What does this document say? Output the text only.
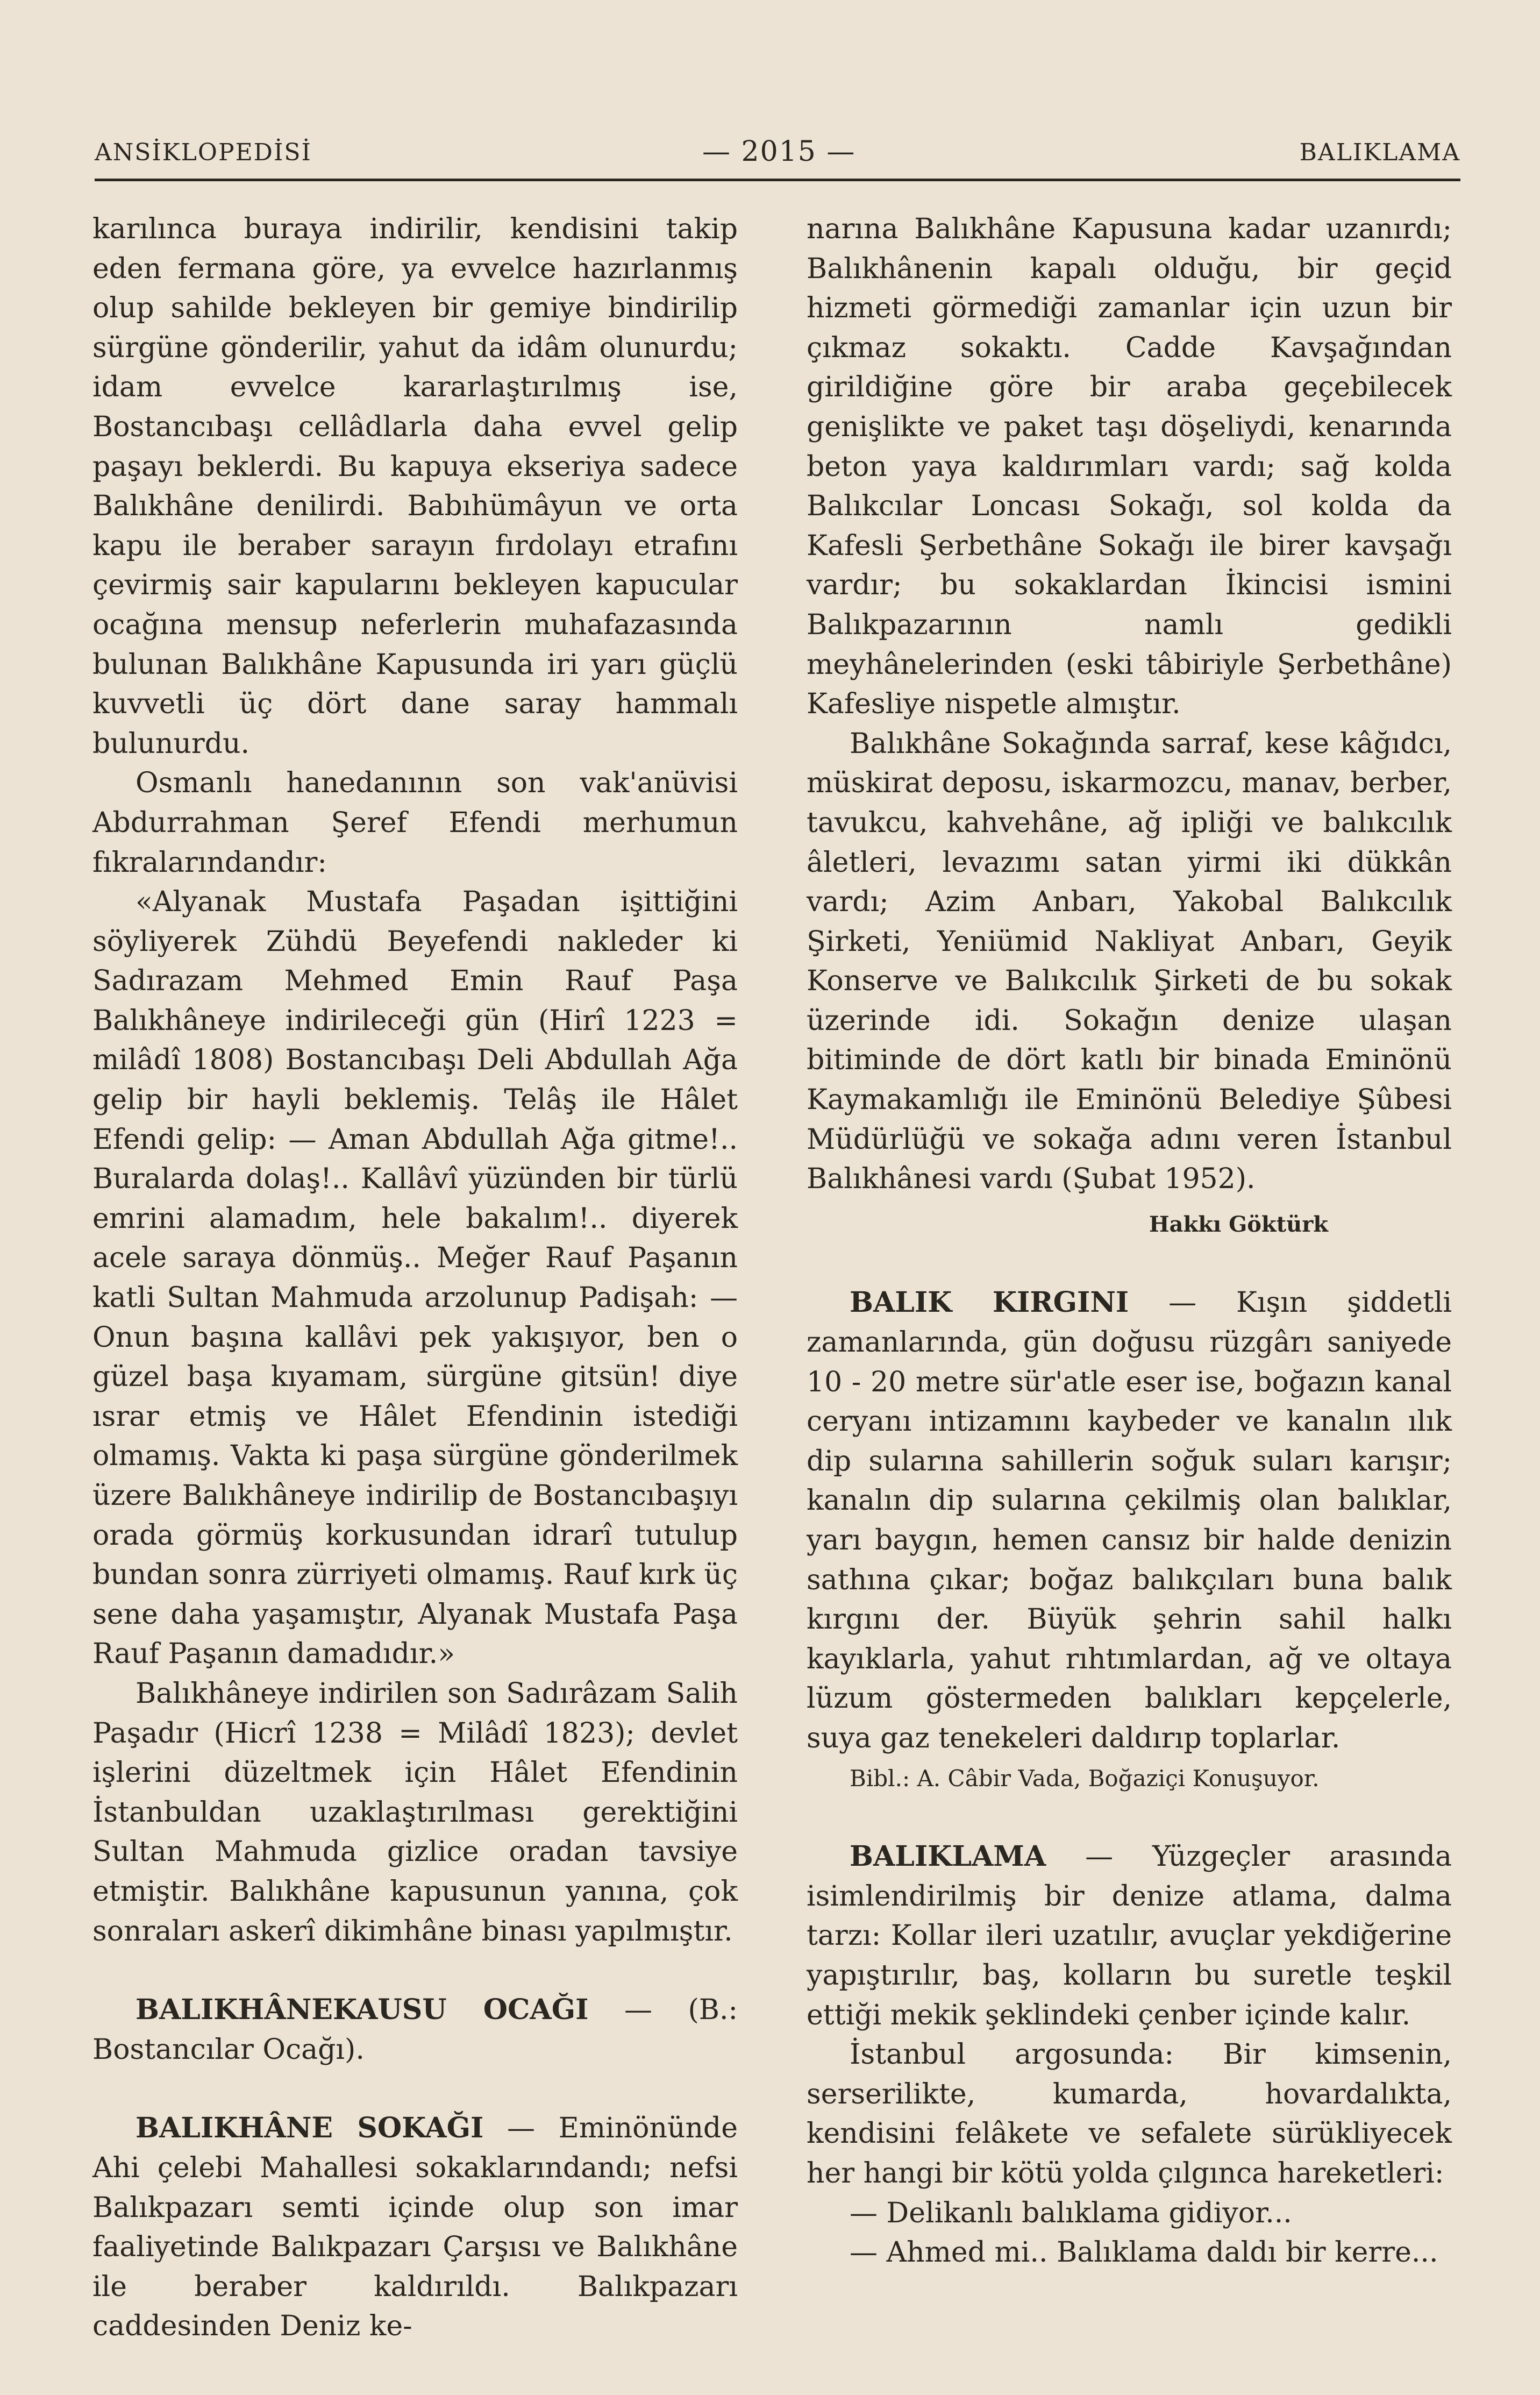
ANSİKLOPEDİSİ	— 2015 —	BALIKLAMA

karılınca buraya indirilir, kendisini takip eden fermana göre, ya evvelce hazırlanmış olup sahilde bekleyen bir gemiye bindirilip sürgüne gönderilir, yahut da idâm olunurdu; idam evvelce kararlaştırılmış ise, Bostancıbaşı cellâdlarla daha evvel gelip paşayı beklerdi. Bu kapuya ekseriya sadece Balıkhâne denilirdi. Babıhümâyun ve orta kapu ile beraber sarayın fırdolayı etrafını çevirmiş sair kapularını bekleyen kapucular ocağına mensup neferlerin muhafazasında bulunan Balıkhâne Kapusunda iri yarı güçlü kuvvetli üç dört dane saray hammalı bulunurdu.

Osmanlı hanedanının son vak'anüvisi Abdurrahman Şeref Efendi merhumun fıkralarındandır:

«Alyanak Mustafa Paşadan işittiğini söyliyerek Zühdü Beyefendi nakleder ki Sadırazam Mehmed Emin Rauf Paşa Balıkhâneye indirileceği gün (Hirî 1223 = milâdî 1808) Bostancıbaşı Deli Abdullah Ağa gelip bir hayli beklemiş. Telâş ile Hâlet Efendi gelip: — Aman Abdullah Ağa gitme!.. Buralarda dolaş!.. Kallâvî yüzünden bir türlü emrini alamadım, hele bakalım!.. diyerek acele saraya dönmüş.. Meğer Rauf Paşanın katli Sultan Mahmuda arzolunup Padişah: — Onun başına kallâvi pek yakışıyor, ben o güzel başa kıyamam, sürgüne gitsün! diye ısrar etmiş ve Hâlet Efendinin istediği olmamış. Vakta ki paşa sürgüne gönderilmek üzere Balıkhâneye indirilip de Bostancıbaşıyı orada görmüş korkusundan idrarî tutulup bundan sonra zürriyeti olmamış. Rauf kırk üç sene daha yaşamıştır, Alyanak Mustafa Paşa Rauf Paşanın damadıdır.»

Balıkhâneye indirilen son Sadırâzam Salih Paşadır (Hicrî 1238 = Milâdî 1823); devlet işlerini düzeltmek için Hâlet Efendinin İstanbuldan uzaklaştırılması gerektiğini Sultan Mahmuda gizlice oradan tavsiye etmiştir. Balıkhâne kapusunun yanına, çok sonraları askerî dikimhâne binası yapılmıştır.

BALIKHÂNEKAUSU OCAĞI — (B.: Bostancılar Ocağı).

BALIKHÂNE SOKAĞI — Eminönünde Ahi çelebi Mahallesi sokaklarındandı; nefsi Balıkpazarı semti içinde olup son imar faaliyetinde Balıkpazarı Çarşısı ve Balıkhâne ile beraber kaldırıldı. Balıkpazarı caddesinden Deniz ke-

narına Balıkhâne Kapusuna kadar uzanırdı; Balıkhânenin kapalı olduğu, bir geçid hizmeti görmediği zamanlar için uzun bir çıkmaz sokaktı. Cadde Kavşağından girildiğine göre bir araba geçebilecek genişlikte ve paket taşı döşeliydi, kenarında beton yaya kaldırımları vardı; sağ kolda Balıkcılar Loncası Sokağı, sol kolda da Kafesli Şerbethâne Sokağı ile birer kavşağı vardır; bu sokaklardan İkincisi ismini Balıkpazarının namlı gedikli meyhânelerinden (eski tâbiriyle Şerbethâne) Kafesliye nispetle almıştır.

Balıkhâne Sokağında sarraf, kese kâğıdcı, müskirat deposu, iskarmozcu, manav, berber, tavukcu, kahvehâne, ağ ipliği ve balıkcılık âletleri, levazımı satan yirmi iki dükkân vardı; Azim Anbarı, Yakobal Balıkcılık Şirketi, Yeniümid Nakliyat Anbarı, Geyik Konserve ve Balıkcılık Şirketi de bu sokak üzerinde idi. Sokağın denize ulaşan bitiminde de dört katlı bir binada Eminönü Kaymakamlığı ile Eminönü Belediye Şûbesi Müdürlüğü ve sokağa adını veren İstanbul Balıkhânesi vardı (Şubat 1952).

Hakkı Göktürk

BALIK KIRGINI — Kışın şiddetli zamanlarında, gün doğusu rüzgârı saniyede 10 - 20 metre sür'atle eser ise, boğazın kanal ceryanı intizamını kaybeder ve kanalın ılık dip sularına sahillerin soğuk suları karışır; kanalın dip sularına çekilmiş olan balıklar, yarı baygın, hemen cansız bir halde denizin sathına çıkar; boğaz balıkçıları buna balık kırgını der. Büyük şehrin sahil halkı kayıklarla, yahut rıhtımlardan, ağ ve oltaya lüzum göstermeden balıkları kepçelerle, suya gaz tenekeleri daldırıp toplarlar.

Bibl.: A. Câbir Vada, Boğaziçi Konuşuyor.

BALIKLAMA — Yüzgeçler arasında isimlendirilmiş bir denize atlama, dalma tarzı: Kollar ileri uzatılır, avuçlar yekdiğerine yapıştırılır, baş, kolların bu suretle teşkil ettiği mekik şeklindeki çenber içinde kalır.

İstanbul argosunda: Bir kimsenin, serserilikte, kumarda, hovardalıkta, kendisini felâkete ve sefalete sürükliyecek her hangi bir kötü yolda çılgınca hareketleri:

— Delikanlı balıklama gidiyor...

— Ahmed mi.. Balıklama daldı bir kerre...
